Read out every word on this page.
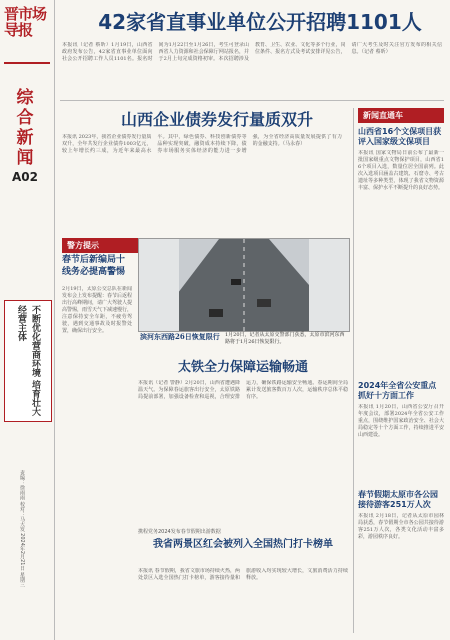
晋市场导报
综合新闻
A02
不断优化营商环境 培育壮大经营主体
责编：徐雨雨 校对：马大发 2024年2月21日 星期三
42家省直事业单位公开招聘1101人
本报讯（记者 蔡昕）1月19日，山西省政府发布公告，42家省直事业单位面向社会公开招聘工作人员1101名。报名时间为1月22日至1月26日，考生可登录山西省人力资源和社会保障厅网站报名，并于2月上旬完成资格初审。本次招聘涉及教育、卫生、农业、文化等多个行业，岗位条件、报名方式及考试安排详见公告，请广大考生及时关注官方发布的相关信息。（记者 蔡昕）
山西企业债券发行量质双升
本报讯 2023年，我省企业债券发行量质双升，全年共发行企业债券1003亿元，较上年增长约三成，为近年来最高水平。其中，绿色债券、科技创新债券等品种实现突破，融资成本持续下降，债券市场服务实体经济的能力进一步增强，为全省经济高质量发展提供了有力的金融支持。（马永春）
新闻直通车
山西省16个文保项目获评入国家级文保项目
本报讯 国家文物局日前公布了最新一批国家级重点文物保护项目，山西省16个项目入选，数量位居全国前列。此次入选项目涵盖古建筑、石窟寺、考古遗址等多种类型，体现了我省文物资源丰富、保护水平不断提升的良好态势。
2024年全省公安重点抓好十方面工作
本报讯 1月20日，山西省公安厅召开年度会议，部署2024年全省公安工作重点，围绕维护国家政治安全、社会大局稳定等十个方面工作，持续推进平安山西建设。
春节假期太原市各公园接待游客251万人次
本报讯 2月18日，记者从太原市园林局获悉，春节假期全市各公园共接待游客251万人次，各类文化活动丰富多彩，游园秩序良好。
警方提示
春节后新编局十线务必提高警惕
2月19日，太原公交总队在新闻发布会上发布提醒：春节后返程出行高峰期间，请广大驾驶人提高警惕，雨雪天气下减速慢行，注意保持安全车距，不疲劳驾驶，遇到交通事故及时报警处置，确保出行安全。
滨河东西路26日恢复限行 1月20日，记者从太原交警部门获悉，太原市滨河东西路将于1月26日恢复限行。
太铁全力保障运输畅通
本报讯（记者 警静）2月20日，山西省遭遇降温天气。为保障春运旅客出行安全，太原铁路局提前部署，加强设备检查和巡视，合理安排运力，确保铁路运输安全畅通。春运期间全局累计发送旅客数百万人次，运输秩序总体平稳有序。
携程党务2024发布春节假期出游数据
我省两景区红会被列入全国热门打卡榜单
本报讯 春节假期，我省文旅市场持续火热，两处景区入选全国热门打卡榜单，游客接待量和旅游收入均实现较大增长，文旅消费活力持续释放。
